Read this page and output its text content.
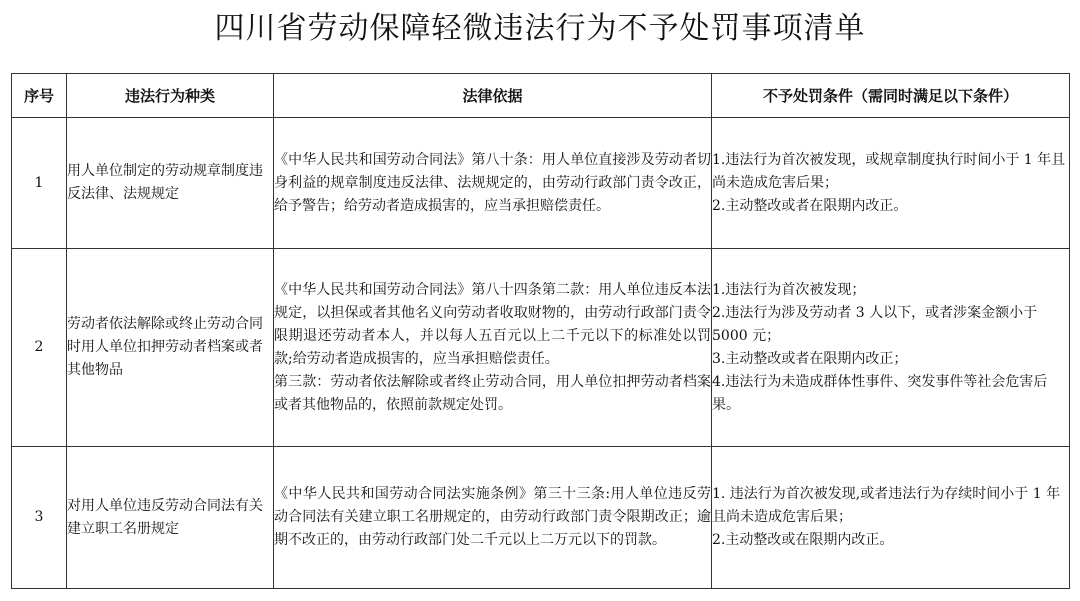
四川省劳动保障轻微违法行为不予处罚事项清单
序号	违法行为种类	法律依据	不予处罚条件（需同时满足以下条件）
1	用人单位制定的劳动规章制度违反法律、法规规定	《中华人民共和国劳动合同法》第八十条：用人单位直接涉及劳动者切身利益的规章制度违反法律、法规规定的，由劳动行政部门责令改正，给予警告；给劳动者造成损害的，应当承担赔偿责任。	1.违法行为首次被发现，或规章制度执行时间小于 1 年且尚未造成危害后果；
2.主动整改或者在限期内改正。

2	劳动者依法解除或终止劳动合同时用人单位扣押劳动者档案或者其他物品	《中华人民共和国劳动合同法》第八十四条第二款：用人单位违反本法规定，以担保或者其他名义向劳动者收取财物的，由劳动行政部门责令限期退还劳动者本人，并以每人五百元以上二千元以下的标准处以罚款;给劳动者造成损害的，应当承担赔偿责任。
第三款：劳动者依法解除或者终止劳动合同，用人单位扣押劳动者档案或者其他物品的，依照前款规定处罚。	1.违法行为首次被发现；
2.违法行为涉及劳动者 3 人以下，或者涉案金额小于 5000 元；
3.主动整改或者在限期内改正；
4.违法行为未造成群体性事件、突发事件等社会危害后果。

3	对用人单位违反劳动合同法有关建立职工名册规定	《中华人民共和国劳动合同法实施条例》第三十三条:用人单位违反劳动合同法有关建立职工名册规定的，由劳动行政部门责令限期改正；逾期不改正的，由劳动行政部门处二千元以上二万元以下的罚款。	1. 违法行为首次被发现,或者违法行为存续时间小于 1 年且尚未造成危害后果；
2.主动整改或在限期内改正。
